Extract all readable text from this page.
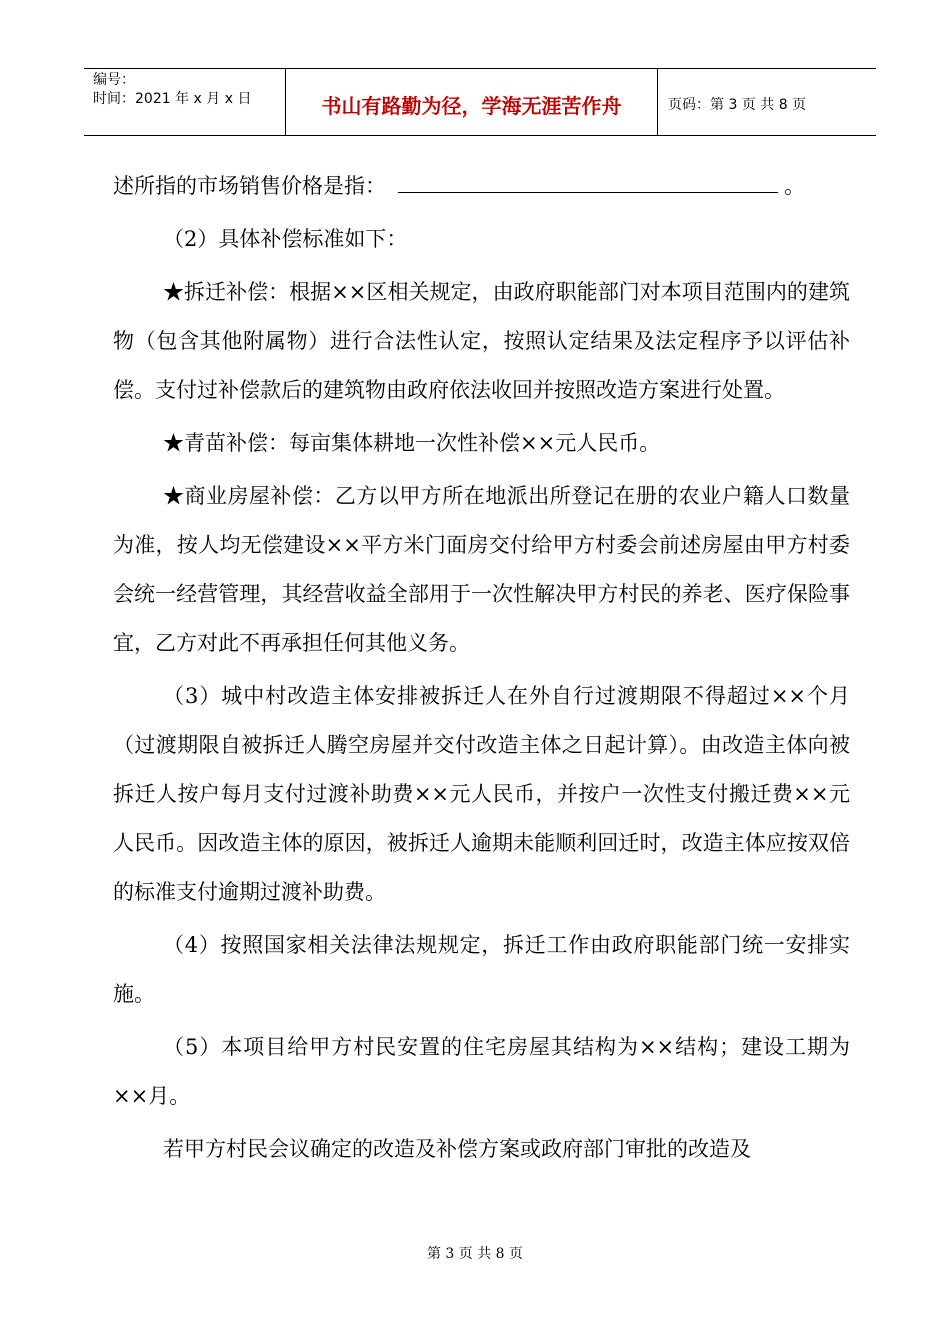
编号：
时间：2021 年 x 月 x 日	书山有路勤为径，学海无涯苦作舟	页码：第 3 页 共 8 页

述所指的市场销售价格是指：	。

（2）具体补偿标准如下：

★拆迁补偿：根据××区相关规定，由政府职能部门对本项目范围内的建筑物（包含其他附属物）进行合法性认定，按照认定结果及法定程序予以评估补偿。支付过补偿款后的建筑物由政府依法收回并按照改造方案进行处置。

★青苗补偿：每亩集体耕地一次性补偿××元人民币。

★商业房屋补偿：乙方以甲方所在地派出所登记在册的农业户籍人口数量为准，按人均无偿建设××平方米门面房交付给甲方村委会前述房屋由甲方村委会统一经营管理，其经营收益全部用于一次性解决甲方村民的养老、医疗保险事宜，乙方对此不再承担任何其他义务。

（3）城中村改造主体安排被拆迁人在外自行过渡期限不得超过××个月（过渡期限自被拆迁人腾空房屋并交付改造主体之日起计算）。由改造主体向被拆迁人按户每月支付过渡补助费××元人民币，并按户一次性支付搬迁费××元人民币。因改造主体的原因，被拆迁人逾期未能顺利回迁时，改造主体应按双倍的标准支付逾期过渡补助费。

（4）按照国家相关法律法规规定，拆迁工作由政府职能部门统一安排实施。

（5）本项目给甲方村民安置的住宅房屋其结构为××结构；建设工期为××月。

若甲方村民会议确定的改造及补偿方案或政府部门审批的改造及

第 3 页 共 8 页
